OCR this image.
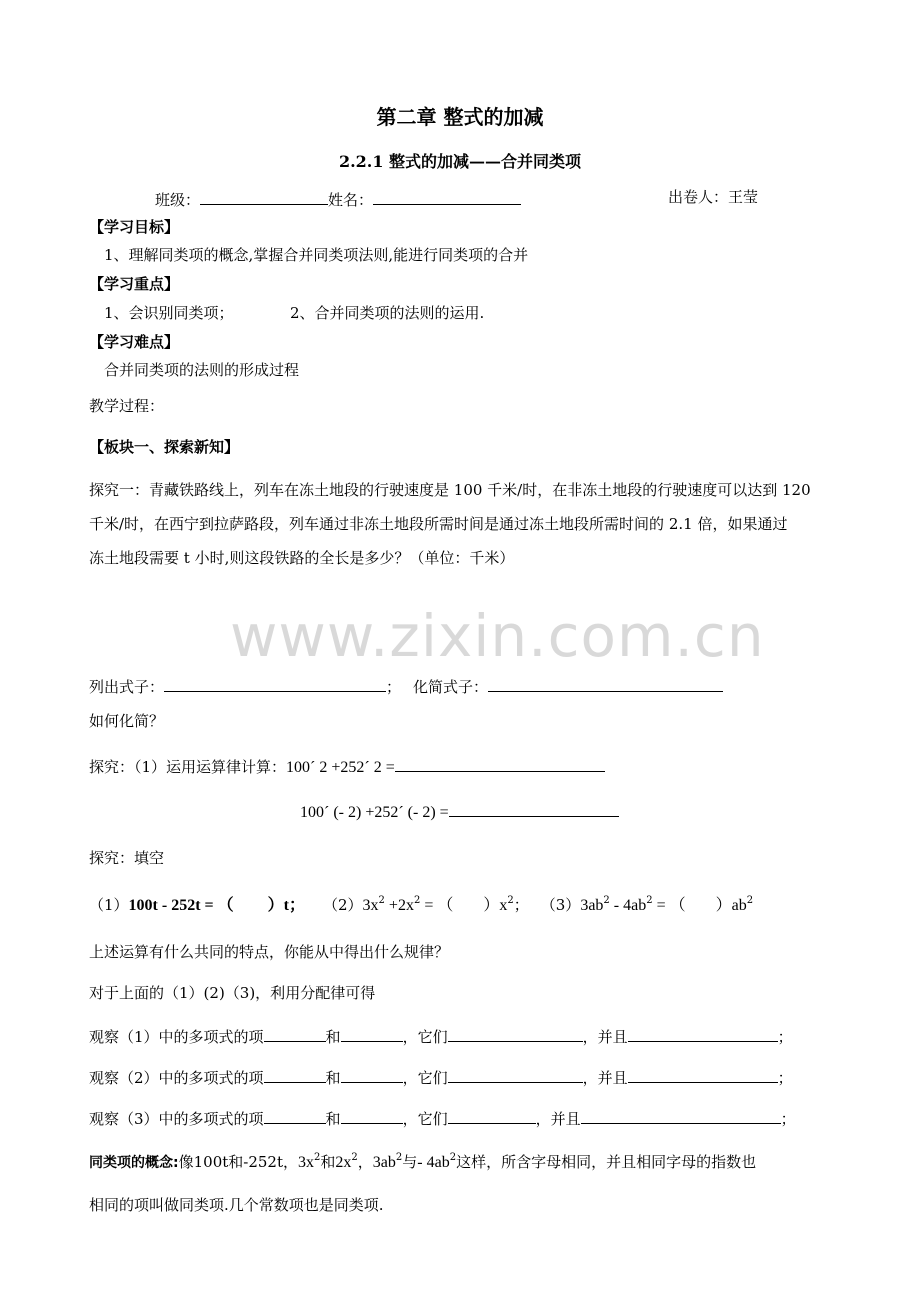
第二章 整式的加减
2.2.1 整式的加减——合并同类项
班级：	姓名：	出卷人：王莹
【学习目标】
1、理解同类项的概念,掌握合并同类项法则,能进行同类项的合并
【学习重点】
1、会识别同类项；	2、合并同类项的法则的运用.
【学习难点】
合并同类项的法则的形成过程
教学过程：
【板块一、探索新知】
探究一：青藏铁路线上，列车在冻土地段的行驶速度是 100 千米/时，在非冻土地段的行驶速度可以达到 120
千米/时，在西宁到拉萨路段，列车通过非冻土地段所需时间是通过冻土地段所需时间的 2.1 倍，如果通过
冻土地段需要 t 小时,则这段铁路的全长是多少？（单位：千米）
www.zixin.com.cn
列出式子：	； 化简式子：
如何化简？
探究：（1）运用运算律计算：100´ 2 +252´ 2 =
100´ (- 2) +252´ (- 2) =
探究：填空
（1）100t - 252t = （ ）t； $(2)3x^2 +2x^2$ = （ ）$x^2$； $(3)3ab^2 - 4ab^2$ = （ ）$ab^2$
上述运算有什么共同的特点，你能从中得出什么规律？
对于上面的（1）(2)（3)，利用分配律可得
观察（1）中的多项式的项	和	，它们	，并且	；
观察（2）中的多项式的项	和	，它们	，并且	；
观察（3）中的多项式的项	和	，它们	，并且	；
同类项的概念:像100t和-252t，$3x^2$和$2x^2$，$3ab^2$与- $4ab^2$这样，所含字母相同，并且相同字母的指数也
相同的项叫做同类项.几个常数项也是同类项.
